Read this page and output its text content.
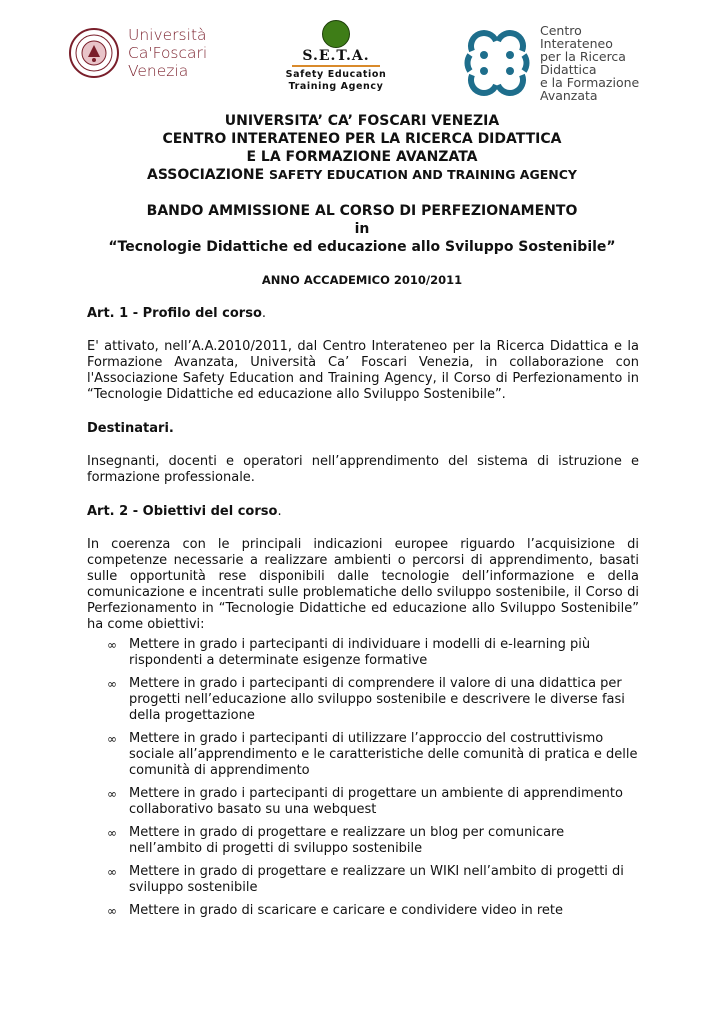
Università
Ca'Foscari
Venezia
S.E.T.A.
Safety Education
Training Agency
Centro
Interateneo
per la Ricerca
Didattica
e la Formazione
Avanzata
UNIVERSITA’ CA’ FOSCARI VENEZIA
CENTRO INTERATENEO PER LA RICERCA DIDATTICA
E LA FORMAZIONE AVANZATA
ASSOCIAZIONE SAFETY EDUCATION AND TRAINING AGENCY
BANDO AMMISSIONE AL CORSO DI PERFEZIONAMENTO
in
“Tecnologie Didattiche ed educazione allo Sviluppo Sostenibile”
ANNO ACCADEMICO 2010/2011

Art. 1 - Profilo del corso.

E' attivato, nell’A.A.2010/2011, dal Centro Interateneo per la Ricerca Didattica e la Formazione Avanzata, Università Ca’ Foscari Venezia, in collaborazione con l'Associazione Safety Education and Training Agency, il Corso di Perfezionamento in “Tecnologie Didattiche ed educazione allo Sviluppo Sostenibile”.

Destinatari.

Insegnanti, docenti e operatori nell’apprendimento del sistema di istruzione e formazione professionale.

Art. 2 - Obiettivi del corso.

In coerenza con le principali indicazioni europee riguardo l’acquisizione di competenze necessarie a realizzare ambienti o percorsi di apprendimento, basati sulle opportunità rese disponibili dalle tecnologie dell’informazione e della comunicazione e incentrati sulle problematiche dello sviluppo sostenibile, il Corso di Perfezionamento in “Tecnologie Didattiche ed educazione allo Sviluppo Sostenibile” ha come obiettivi:

∞ Mettere in grado i partecipanti di individuare i modelli di e-learning più rispondenti a determinate esigenze formative
∞ Mettere in grado i partecipanti di comprendere il valore di una didattica per progetti nell’educazione allo sviluppo sostenibile e descrivere le diverse fasi della progettazione
∞ Mettere in grado i partecipanti di utilizzare l’approccio del costruttivismo sociale all’apprendimento e le caratteristiche delle comunità di pratica e delle comunità di apprendimento
∞ Mettere in grado i partecipanti di progettare un ambiente di apprendimento collaborativo basato su una webquest
∞ Mettere in grado di progettare e realizzare un blog per comunicare nell’ambito di progetti di sviluppo sostenibile
∞ Mettere in grado di progettare e realizzare un WIKI nell’ambito di progetti di sviluppo sostenibile
∞ Mettere in grado di scaricare e caricare e condividere video in rete
